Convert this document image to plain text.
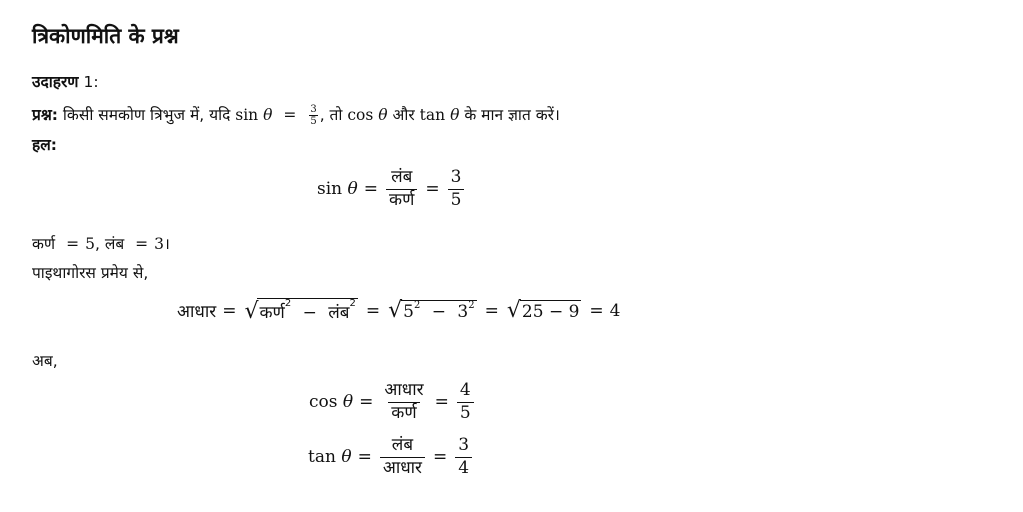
त्रिकोणमिति के प्रश्न
उदाहरण 1:
प्रश्न: किसी समकोण त्रिभुज में, यदि $\sin \theta = \frac{3}{5}$ , तो cos θ और tan θ के मान ज्ञात करें।
हल:
sin
$\theta = \frac{\text{लंब}}{\text{कर्ण}} = \frac{3}{5}$
कर्ण = 5, लंब = 3।
पाइथागोरस प्रमेय से,
आधार = √ कर्ण$^2$ − लंब$^2$ = √ $5^2 - 3^2$ = √ 25 − 9 = 4
अब,
cos
$\theta = \frac{\text{आधार}}{\text{कर्ण}} = \frac{4}{5}$
tan
$\theta = \frac{\text{लंब}}{\text{आधार}} = \frac{3}{4}$
